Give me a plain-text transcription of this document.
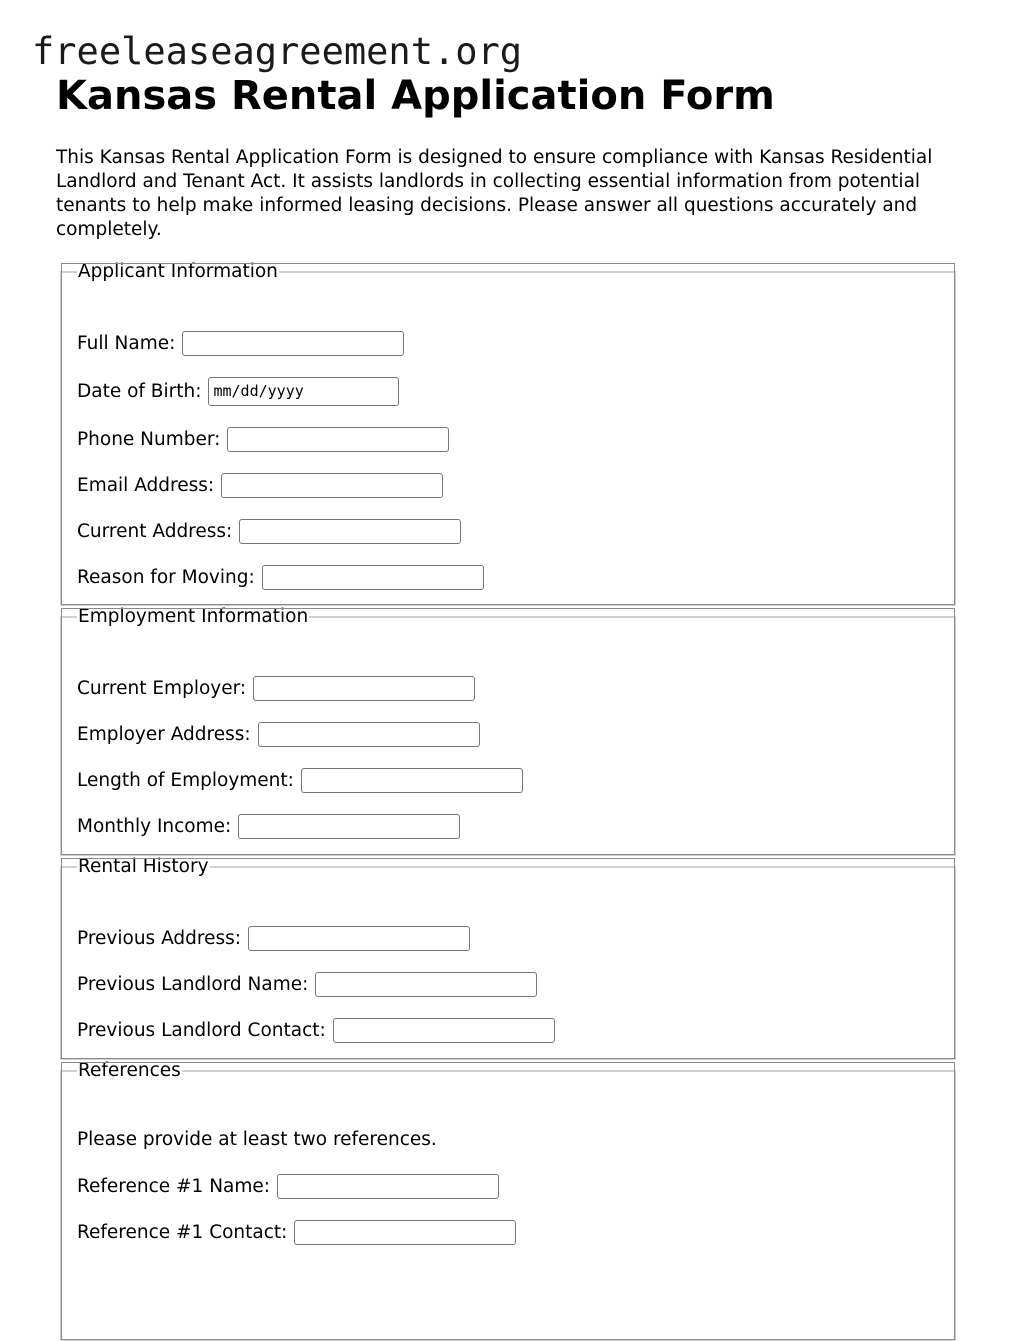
freeleaseagreement.org
Kansas Rental Application Form

This Kansas Rental Application Form is designed to ensure compliance with Kansas Residential Landlord and Tenant Act. It assists landlords in collecting essential information from potential tenants to help make informed leasing decisions. Please answer all questions accurately and completely.

Applicant Information
Full Name:
Date of Birth:
mm/dd/yyyy
Phone Number:
Email Address:
Current Address:
Reason for Moving:
Employment Information
Current Employer:
Employer Address:
Length of Employment:
Monthly Income:
Rental History
Previous Address:
Previous Landlord Name:
Previous Landlord Contact:
References

Please provide at least two references.

Reference #1 Name:
Reference #1 Contact:
